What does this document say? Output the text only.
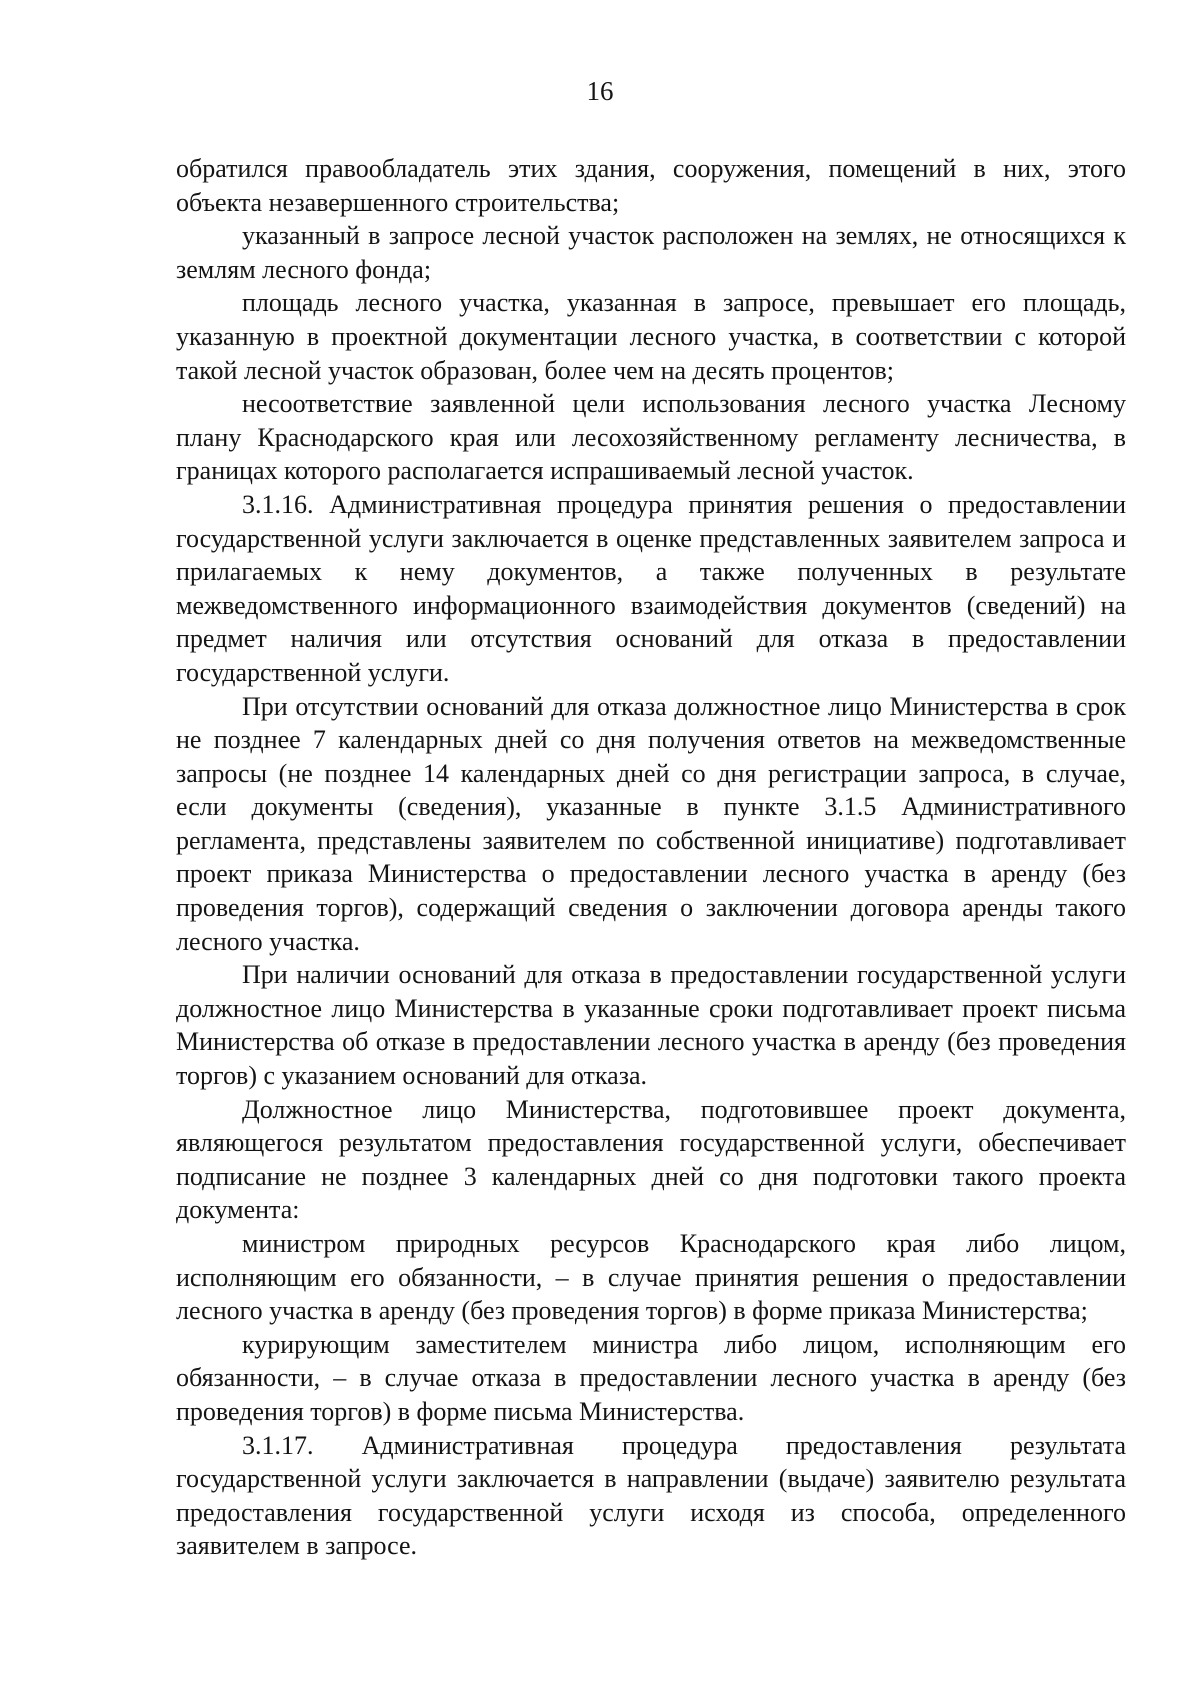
16

обратился правообладатель этих здания, сооружения, помещений в них, этого объекта незавершенного строительства;

указанный в запросе лесной участок расположен на землях, не относящихся к землям лесного фонда;

площадь лесного участка, указанная в запросе, превышает его площадь, указанную в проектной документации лесного участка, в соответствии с которой такой лесной участок образован, более чем на десять процентов;

несоответствие заявленной цели использования лесного участка Лесному плану Краснодарского края или лесохозяйственному регламенту лесничества, в границах которого располагается испрашиваемый лесной участок.

3.1.16. Административная процедура принятия решения о предоставлении государственной услуги заключается в оценке представленных заявителем запроса и прилагаемых к нему документов, а также полученных в результате межведомственного информационного взаимодействия документов (сведений) на предмет наличия или отсутствия оснований для отказа в предоставлении государственной услуги.

При отсутствии оснований для отказа должностное лицо Министерства в срок не позднее 7 календарных дней со дня получения ответов на межведомственные запросы (не позднее 14 календарных дней со дня регистрации запроса, в случае, если документы (сведения), указанные в пункте 3.1.5 Административного регламента, представлены заявителем по собственной инициативе) подготавливает проект приказа Министерства о предоставлении лесного участка в аренду (без проведения торгов), содержащий сведения о заключении договора аренды такого лесного участка.

При наличии оснований для отказа в предоставлении государственной услуги должностное лицо Министерства в указанные сроки подготавливает проект письма Министерства об отказе в предоставлении лесного участка в аренду (без проведения торгов) с указанием оснований для отказа.

Должностное лицо Министерства, подготовившее проект документа, являющегося результатом предоставления государственной услуги, обеспечивает подписание не позднее 3 календарных дней со дня подготовки такого проекта документа:

министром природных ресурсов Краснодарского края либо лицом, исполняющим его обязанности, – в случае принятия решения о предоставлении лесного участка в аренду (без проведения торгов) в форме приказа Министерства;

курирующим заместителем министра либо лицом, исполняющим его обязанности, – в случае отказа в предоставлении лесного участка в аренду (без проведения торгов) в форме письма Министерства.

3.1.17. Административная процедура предоставления результата государственной услуги заключается в направлении (выдаче) заявителю результата предоставления государственной услуги исходя из способа, определенного заявителем в запросе.
